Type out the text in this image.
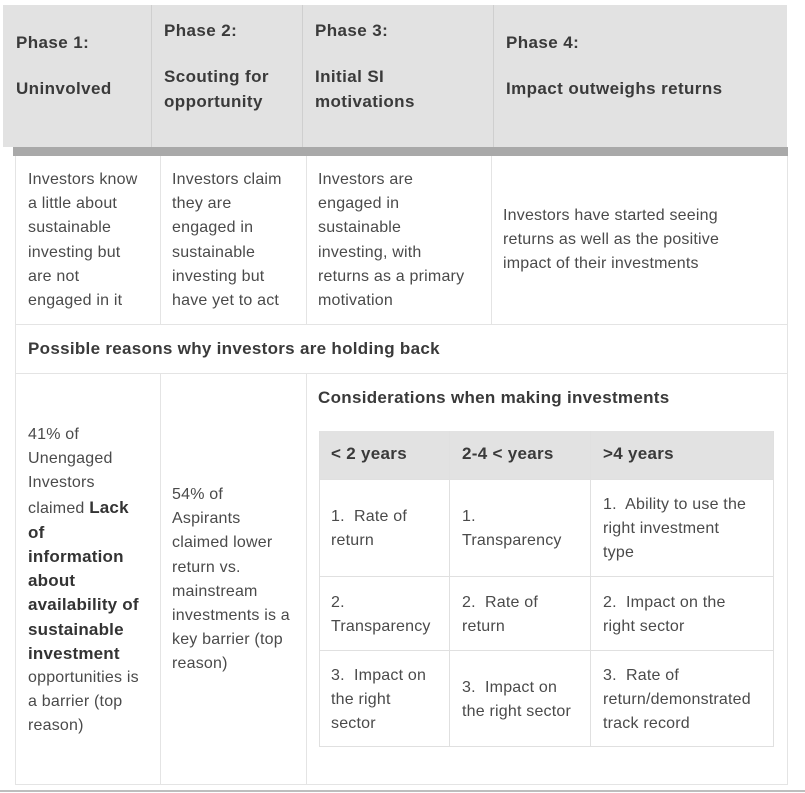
Phase 1:
Uninvolved
Phase 2:
Scouting for
opportunity
Phase 3:
Initial SI
motivations
Phase 4:
Impact outweighs returns
Investors know
a little about
sustainable
investing but
are not
engaged in it
Investors claim
they are
engaged in
sustainable
investing but
have yet to act
Investors are
engaged in
sustainable
investing, with
returns as a primary
motivation
Investors have started seeing
returns as well as the positive
impact of their investments
Possible reasons why investors are holding back
41% of
Unengaged
Investors
claimed Lack
of
information
about
availability of
sustainable
investment
opportunities is
a barrier (top
reason)
54% of
Aspirants
claimed lower
return vs.
mainstream
investments is a
key barrier (top
reason)
Considerations when making investments
< 2 years	2-4 < years	>4 years
1.  Rate of
return
1.
Transparency
1.  Ability to use the
right investment
type
2.
Transparency
2.  Rate of
return
2.  Impact on the
right sector
3.  Impact on
the right
sector
3.  Impact on
the right sector
3.  Rate of
return/demonstrated
track record
